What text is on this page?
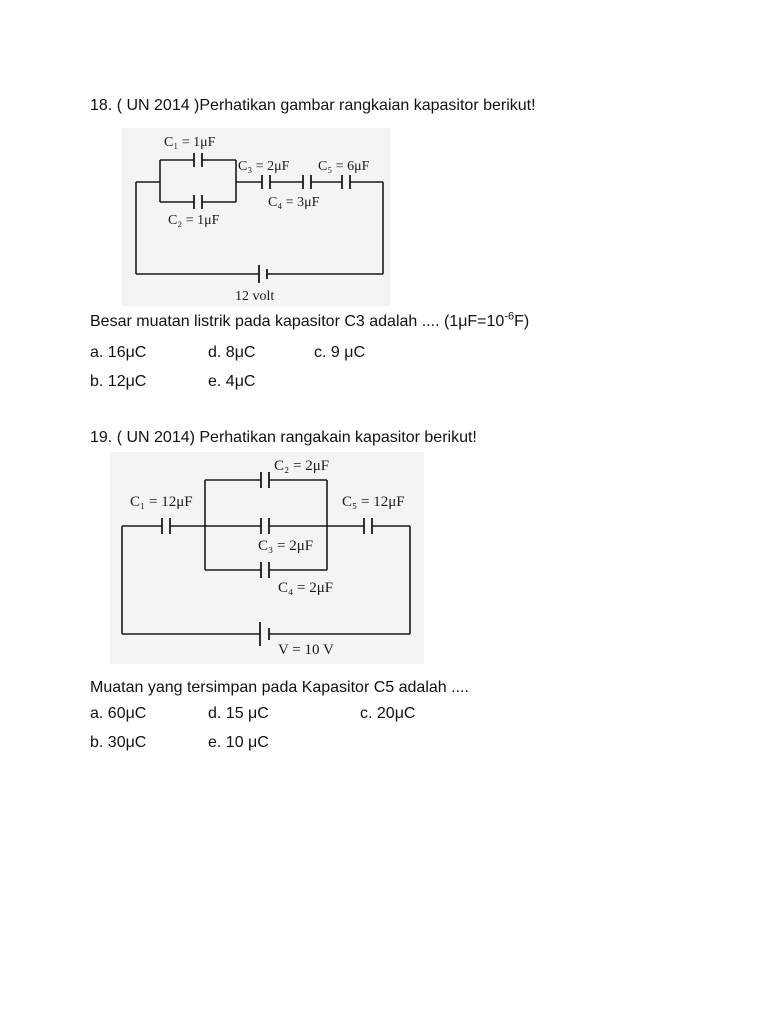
18. ( UN 2014 )Perhatikan gambar rangkaian kapasitor berikut!
C₁ = 1μF
C₂ = 1μF
C₃ = 2μF
C₄ = 3μF
C₅ = 6μF
12 volt
Besar muatan listrik pada kapasitor C3 adalah .... $(1\mu F=10^{-6}F)$
a. 16μC	d. 8μC	c. 9 μC
b. 12μC	e. 4μC
19. ( UN 2014) Perhatikan rangakain kapasitor berikut!
C₁ = 12μF
C₂ = 2μF
C₃ = 2μF
C₄ = 2μF
C₅ = 12μF
V = 10 V
Muatan yang tersimpan pada Kapasitor C5 adalah ....
a. 60μC	d. 15 μC	c. 20μC
b. 30μC	e. 10 μC
